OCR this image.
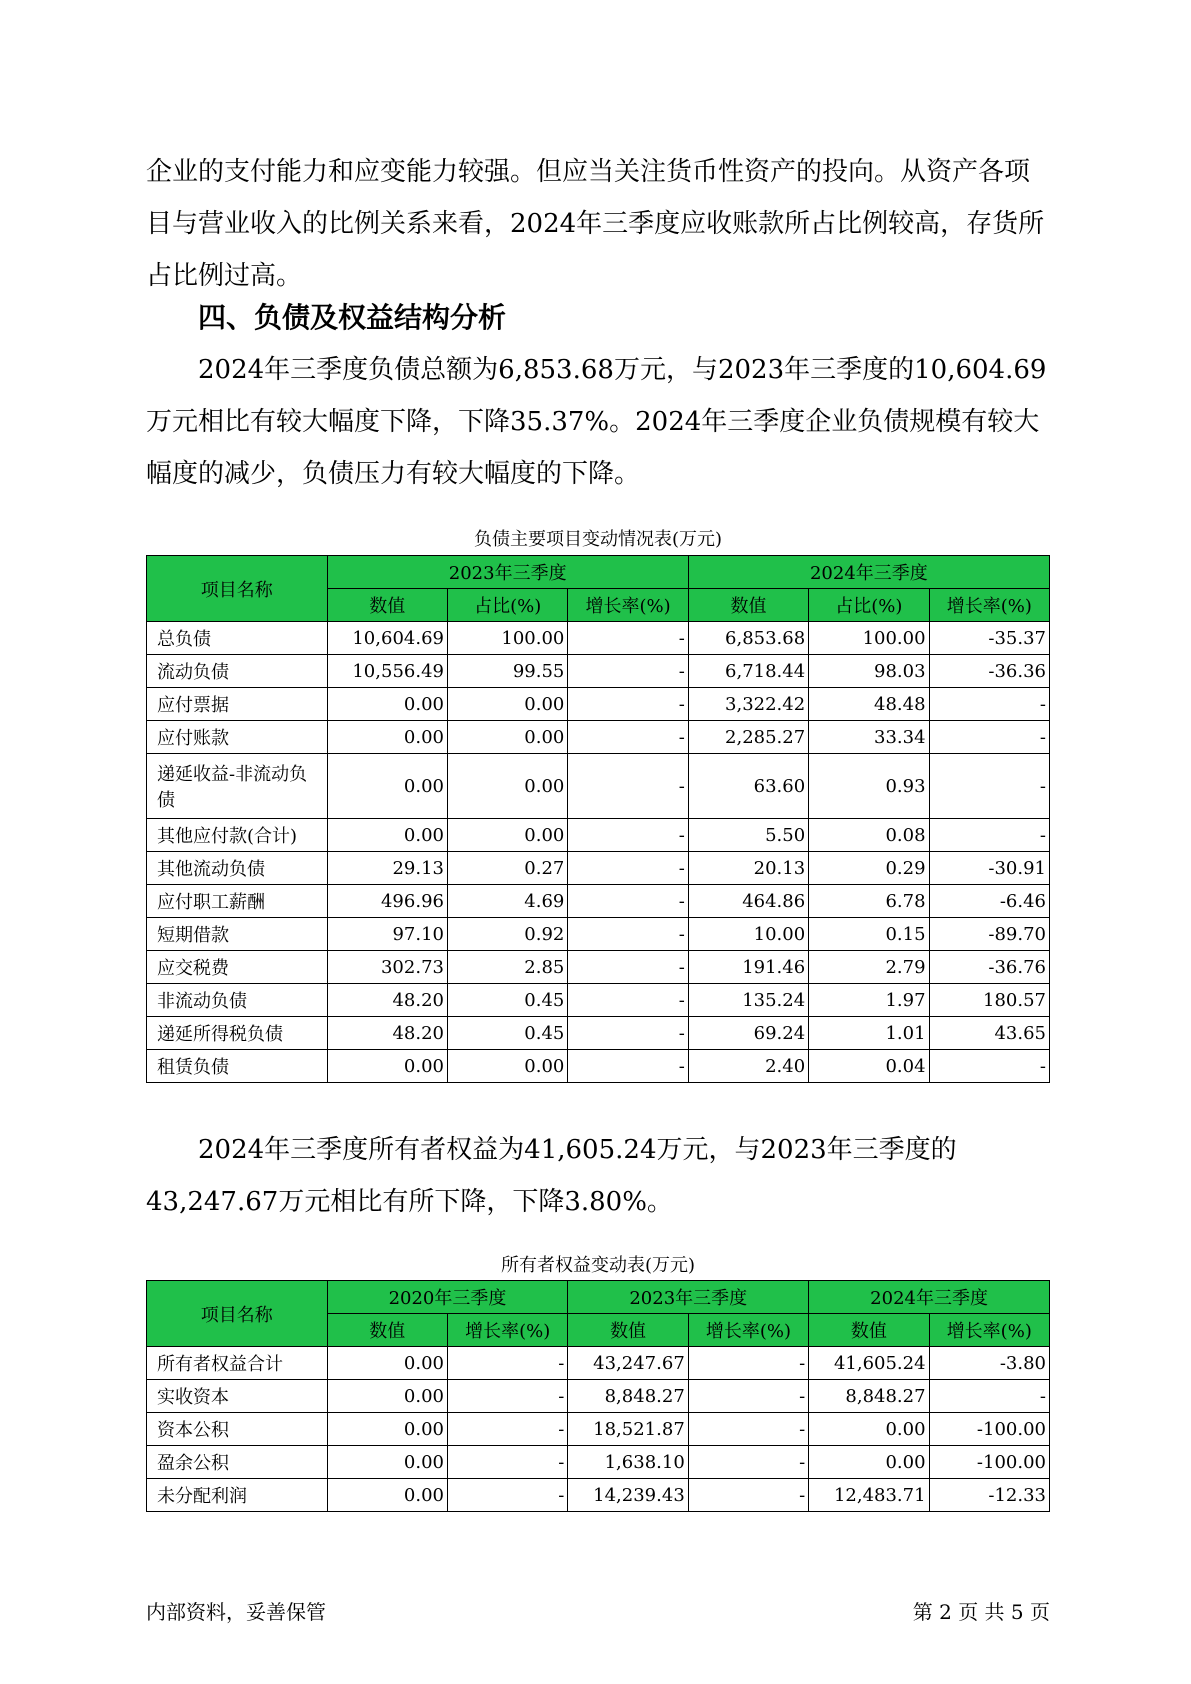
企业的支付能力和应变能力较强。但应当关注货币性资产的投向。从资产各项目与营业收入的比例关系来看，2024年三季度应收账款所占比例较高，存货所占比例过高。

四、负债及权益结构分析

2024年三季度负债总额为6,853.68万元，与2023年三季度的10,604.69万元相比有较大幅度下降，下降35.37%。2024年三季度企业负债规模有较大幅度的减少，负债压力有较大幅度的下降。

负债主要项目变动情况表(万元)

项目名称	2023年三季度			2024年三季度		
	数值	占比(%)	增长率(%)	数值	占比(%)	增长率(%)
总负债	10,604.69	100.00	-	6,853.68	100.00	-35.37
流动负债	10,556.49	99.55	-	6,718.44	98.03	-36.36
应付票据	0.00	0.00	-	3,322.42	48.48	-
应付账款	0.00	0.00	-	2,285.27	33.34	-
递延收益-非流动负债	0.00	0.00	-	63.60	0.93	-
其他应付款(合计)	0.00	0.00	-	5.50	0.08	-
其他流动负债	29.13	0.27	-	20.13	0.29	-30.91
应付职工薪酬	496.96	4.69	-	464.86	6.78	-6.46
短期借款	97.10	0.92	-	10.00	0.15	-89.70
应交税费	302.73	2.85	-	191.46	2.79	-36.76
非流动负债	48.20	0.45	-	135.24	1.97	180.57
递延所得税负债	48.20	0.45	-	69.24	1.01	43.65
租赁负债	0.00	0.00	-	2.40	0.04	-

2024年三季度所有者权益为41,605.24万元，与2023年三季度的43,247.67万元相比有所下降，下降3.80%。

所有者权益变动表(万元)

项目名称	2020年三季度		2023年三季度		2024年三季度	
	数值	增长率(%)	数值	增长率(%)	数值	增长率(%)
所有者权益合计	0.00	-	43,247.67	-	41,605.24	-3.80
实收资本	0.00	-	8,848.27	-	8,848.27	-
资本公积	0.00	-	18,521.87	-	0.00	-100.00
盈余公积	0.00	-	1,638.10	-	0.00	-100.00
未分配利润	0.00	-	14,239.43	-	12,483.71	-12.33

内部资料，妥善保管	第 2 页 共 5 页
